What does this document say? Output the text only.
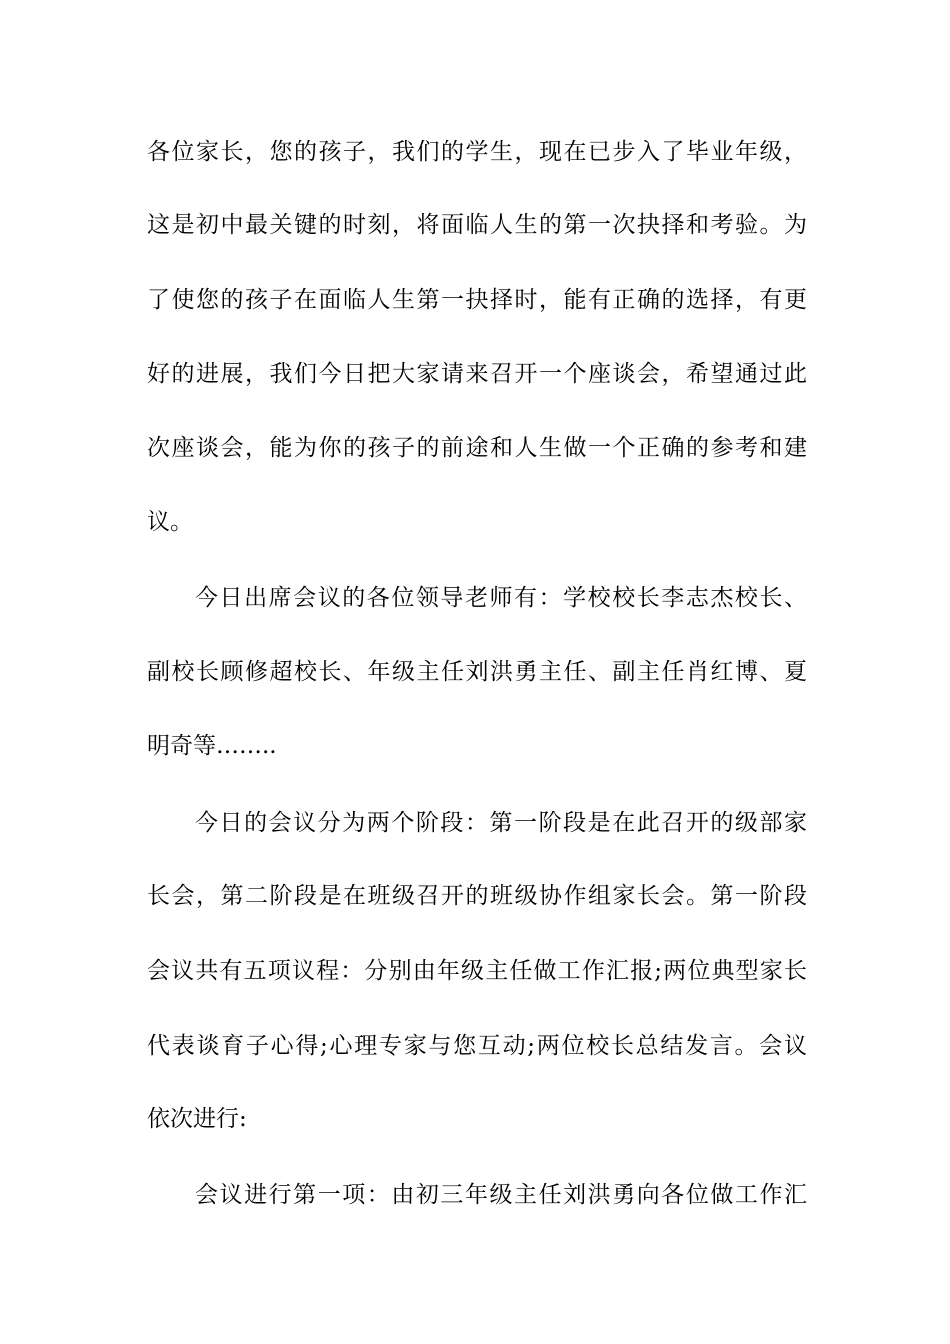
各位家长，您的孩子，我们的学生，现在已步入了毕业年级，
这是初中最关键的时刻，将面临人生的第一次抉择和考验。为
了使您的孩子在面临人生第一抉择时，能有正确的选择，有更
好的进展，我们今日把大家请来召开一个座谈会，希望通过此
次座谈会，能为你的孩子的前途和人生做一个正确的参考和建
议。
今日出席会议的各位领导老师有：学校校长李志杰校长、
副校长顾修超校长、年级主任刘洪勇主任、副主任肖红博、夏
明奇等……..
今日的会议分为两个阶段：第一阶段是在此召开的级部家
长会，第二阶段是在班级召开的班级协作组家长会。第一阶段
会议共有五项议程：分别由年级主任做工作汇报;两位典型家长
代表谈育子心得;心理专家与您互动;两位校长总结发言。会议
依次进行:
会议进行第一项：由初三年级主任刘洪勇向各位做工作汇
